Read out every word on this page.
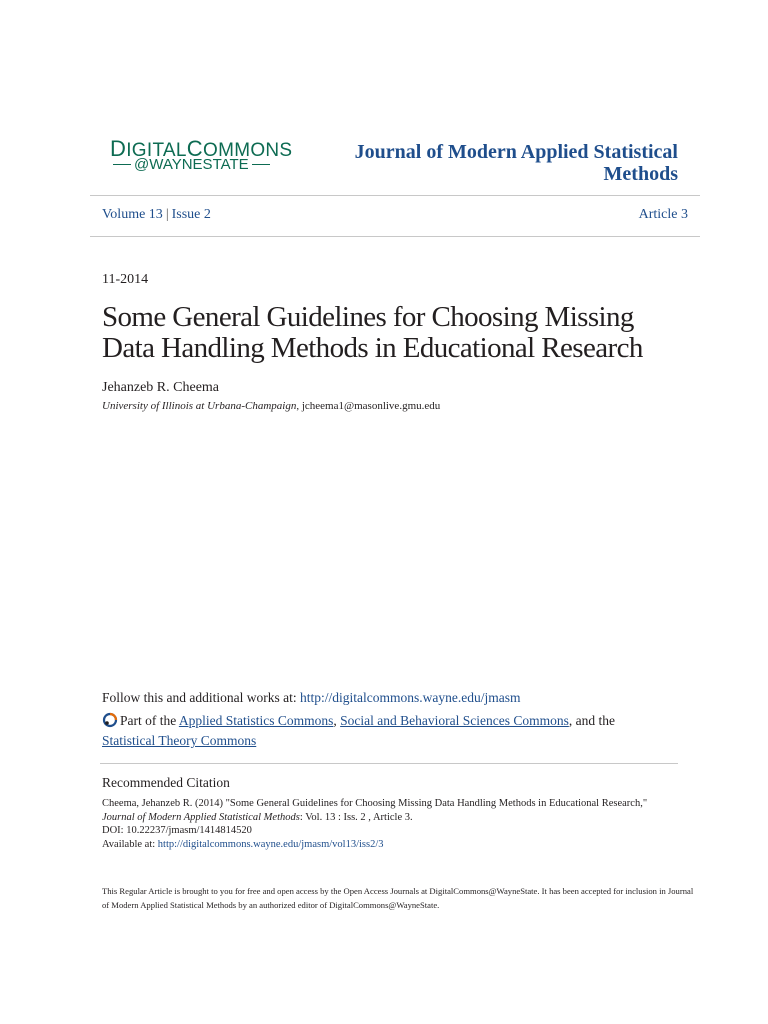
DIGITALCOMMONS
@WAYNESTATE
Journal of Modern Applied Statistical Methods
Volume 13 | Issue 2	Article 3
11-2014
Some General Guidelines for Choosing Missing Data Handling Methods in Educational Research
Jehanzeb R. Cheema
University of Illinois at Urbana-Champaign, jcheema1@masonlive.gmu.edu
Follow this and additional works at: http://digitalcommons.wayne.edu/jmasm
Part of the Applied Statistics Commons, Social and Behavioral Sciences Commons, and the
Statistical Theory Commons
Recommended Citation
Cheema, Jehanzeb R. (2014) "Some General Guidelines for Choosing Missing Data Handling Methods in Educational Research,"
Journal of Modern Applied Statistical Methods: Vol. 13 : Iss. 2 , Article 3.
DOI: 10.22237/jmasm/1414814520
Available at: http://digitalcommons.wayne.edu/jmasm/vol13/iss2/3
This Regular Article is brought to you for free and open access by the Open Access Journals at DigitalCommons@WayneState. It has been accepted for inclusion in Journal of Modern Applied Statistical Methods by an authorized editor of DigitalCommons@WayneState.
